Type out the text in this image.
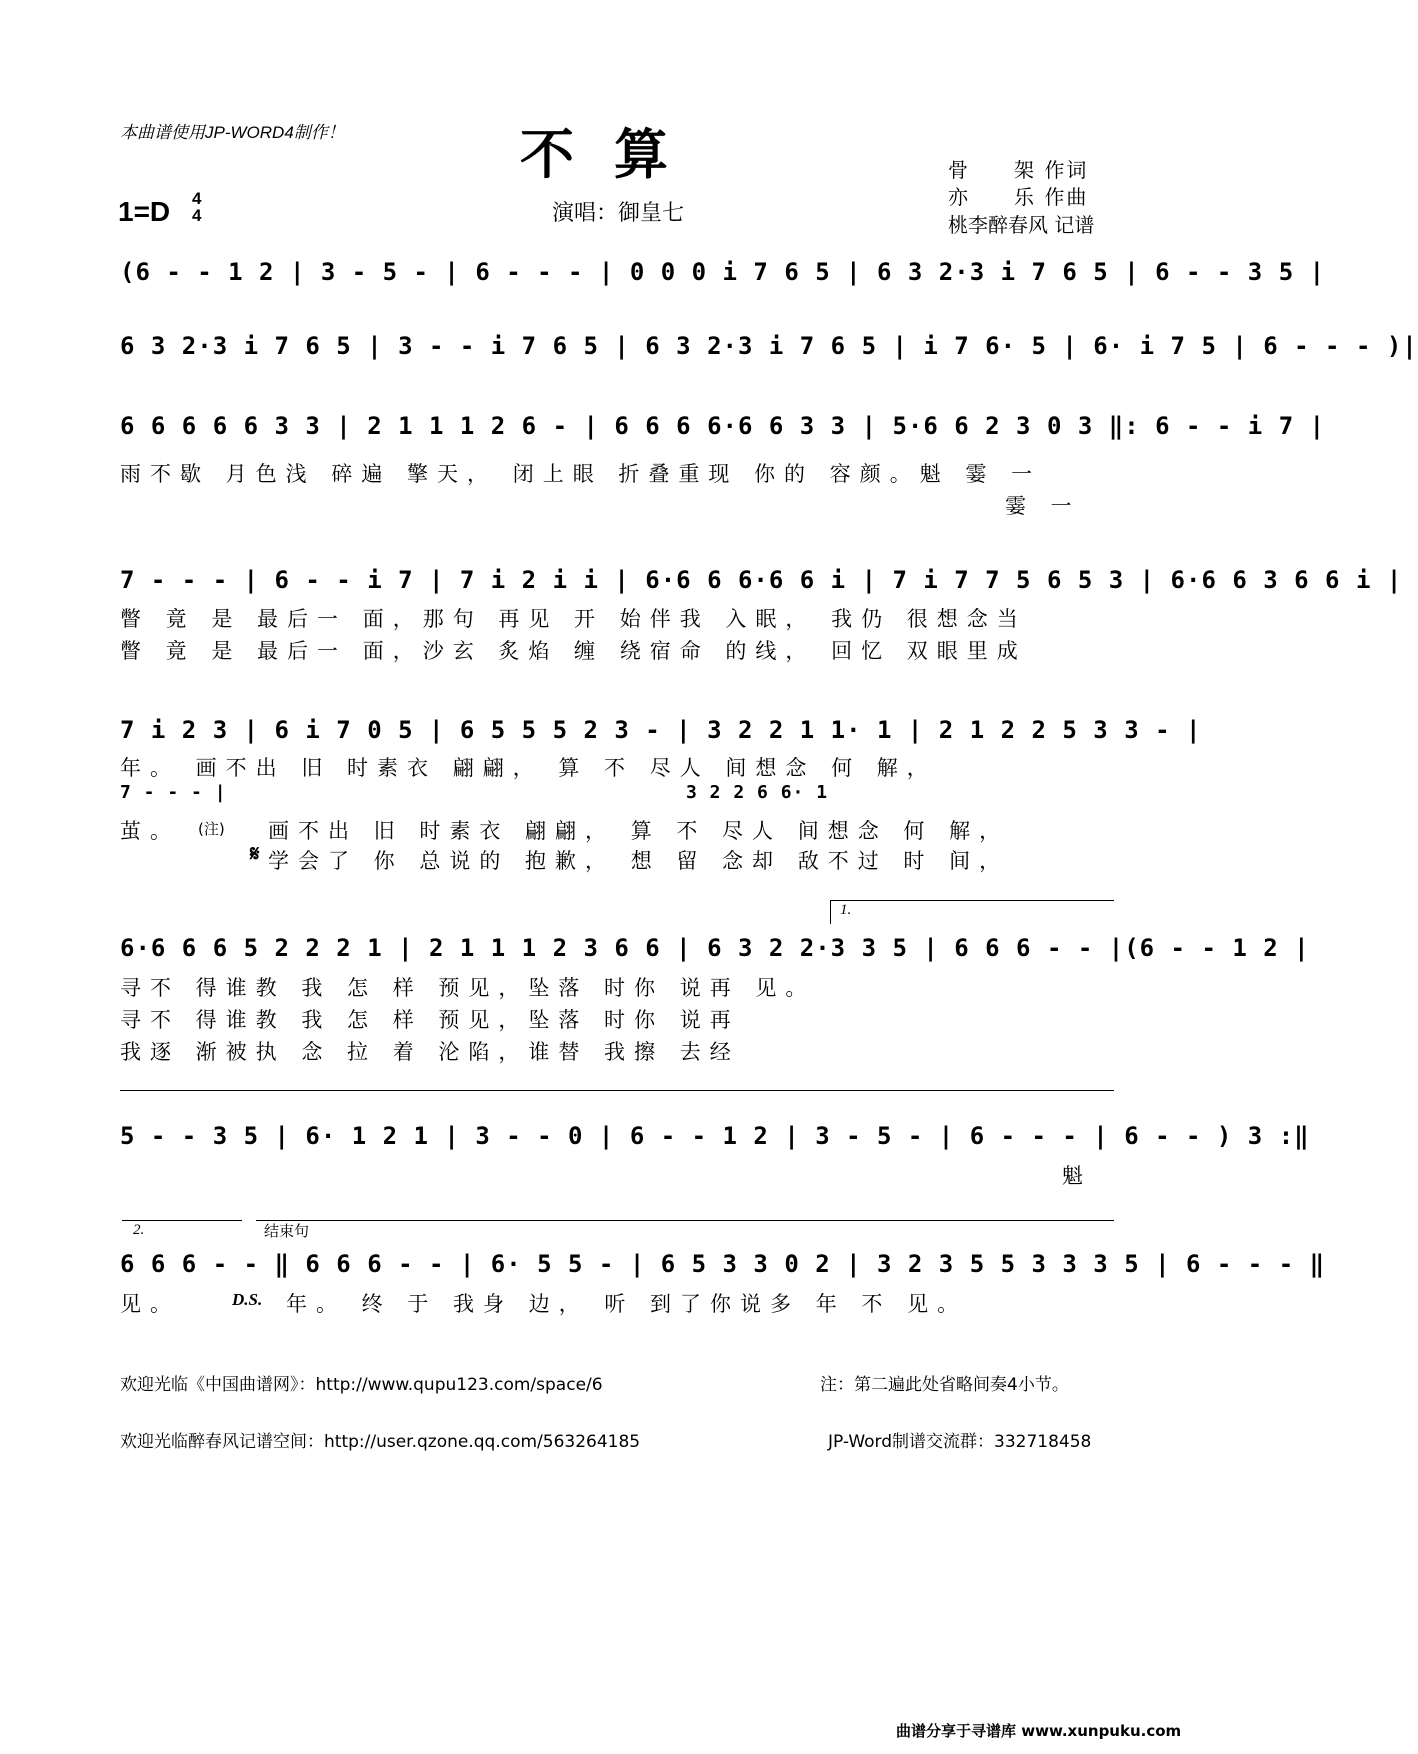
本曲谱使用JP-WORD4制作！	不算
1=D 4
4	演唱：御皇七
骨　　架 作词
亦　　乐 作曲
桃李醉春风 记谱
(6 - - 1 2 | 3 - 5 - | 6 - - - | 0 0 0 i 7 6 5 | 6 3 2·3 i 7 6 5 | 6 - - 3 5 |
6 3 2·3 i 7 6 5 | 3 - - i 7 6 5 | 6 3 2·3 i 7 6 5 | i 7 6· 5 | 6· i 7 5 | 6 - - - )|
6 6 6 6 6 3 3 | 2 1 1 1 2 6 - | 6 6 6 6·6 6 3 3 | 5·6 6 2 3 0 3 ‖: 6 - - i 7 |
雨不歇 月色浅 碎遍 擎天， 闭上眼 折叠重现 你的 容颜。魁 霎 一
霎 一
7 - - - | 6 - - i 7 | 7 i 2 i i | 6·6 6 6·6 6 i | 7 i 7 7 5 6 5 3 | 6·6 6 3 6 6 i |
瞥 竟 是 最后一 面，那句 再见 开 始伴我 入眠， 我仍 很想念当
瞥 竟 是 最后一 面，沙玄 炙焰 缠 绕宿命 的线， 回忆 双眼里成
7 i 2 3 | 6 i 7 0 5 | 6 5 5 5 2 3 - | 3 2 2 1 1· 1 | 2 1 2 2 5 3 3 - |
年。 画不出 旧 时素衣 翩翩， 算 不 尽人 间想念 何 解，
7 - - - |	3 2 2 6 6· 1
茧。 (注) 画不出 旧 时素衣 翩翩， 算 不 尽人 间想念 何 解，
𝄋 学会了 你 总说的 抱歉， 想 留 念却 敌不过 时 间，
1.
6·6 6 6 5 2 2 2 1 | 2 1 1 1 2 3 6 6 | 6 3 2 2·3 3 5 | 6 6 6 - - |(6 - - 1 2 |
寻不 得谁教 我 怎 样 预见，坠落 时你 说再 见。
寻不 得谁教 我 怎 样 预见，坠落 时你 说再
我逐 渐被执 念 拉 着 沦陷，谁替 我擦 去经
5 - - 3 5 | 6· 1 2 1 | 3 - - 0 | 6 - - 1 2 | 3 - 5 - | 6 - - - | 6 - - ) 3 :‖
魁
2.	结束句
6 6 6 - - ‖ 6 6 6 - - | 6· 5 5 - | 6 5 3 3 0 2 | 3 2 3 5 5 3 3 3 5 | 6 - - - ‖
见。	D.S. 年。 终 于 我身 边， 听 到了你说多 年 不 见。
欢迎光临《中国曲谱网》：http://www.qupu123.com/space/6
欢迎光临醉春风记谱空间：http://user.qzone.qq.com/563264185
注：第二遍此处省略间奏4小节。
JP-Word制谱交流群：332718458
曲谱分享于寻谱库 www.xunpuku.com
